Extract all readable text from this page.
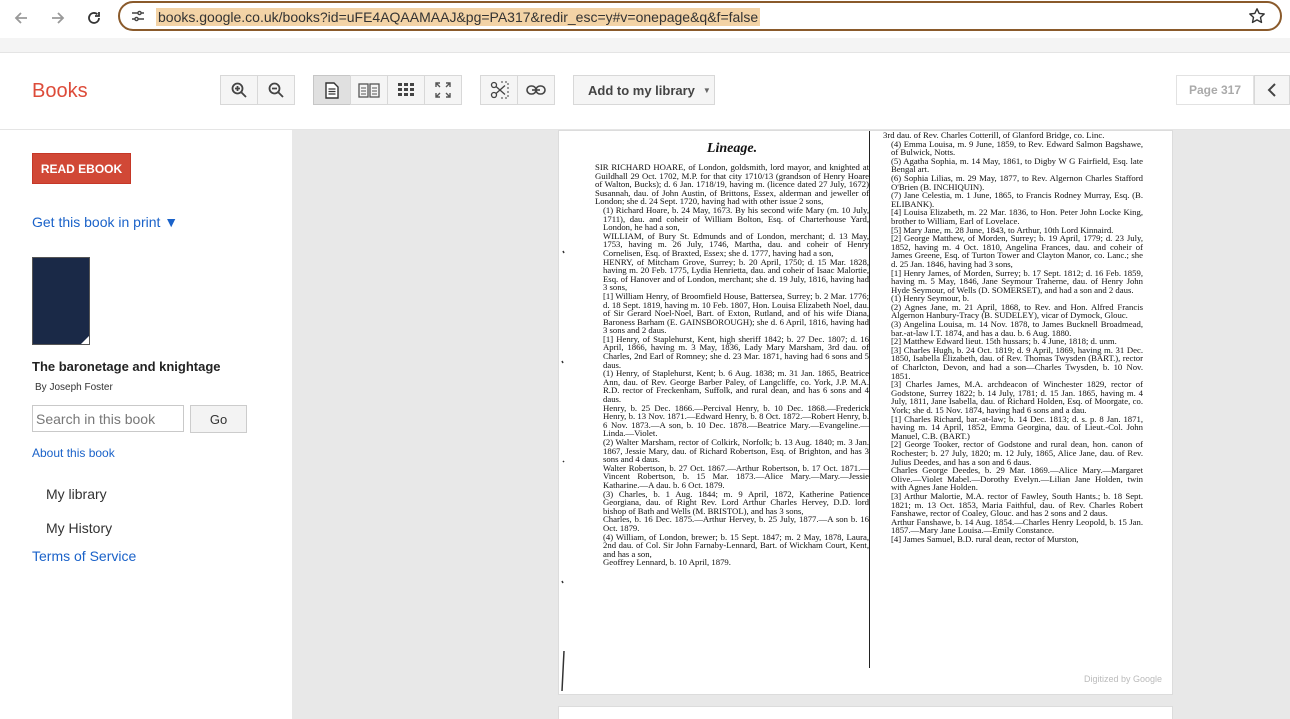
books.google.co.uk/books?id=uFE4AQAAMAAJ&pg=PA317&redir_esc=y#v=onepage&q&f=false
Books	Add to my library ▼	Page 317
READ EBOOK
Get this book in print ▼
The baronetage and knightage
By Joseph Foster
Search in this book
Go
About this book
My library
My History
Terms of Service
Lineage.

SIR RICHARD HOARE, of London, goldsmith, lord mayor, and knighted at Guildhall 29 Oct. 1702, M.P. for that city 1710/13 (grandson of Henry Hoare of Walton, Bucks); d. 6 Jan. 1718/19, having m. (licence dated 27 July, 1672) Susannah, dau. of John Austin, of Brittons, Essex, alderman and jeweller of London; she d. 24 Sept. 1720, having had with other issue 2 sons,

(1) Richard Hoare, b. 24 May, 1673. By his second wife Mary (m. 10 July, 1711), dau. and coheir of William Bolton, Esq. of Charterhouse Yard, London, he had a son,

WILLIAM, of Bury St. Edmunds and of London, merchant; d. 13 May, 1753, having m. 26 July, 1746, Martha, dau. and coheir of Henry Cornelisen, Esq. of Braxted, Essex; she d. 1777, having had a son,

HENRY, of Mitcham Grove, Surrey; b. 20 April, 1750; d. 15 Mar. 1828, having m. 20 Feb. 1775, Lydia Henrietta, dau. and coheir of Isaac Malortie, Esq. of Hanover and of London, merchant; she d. 19 July, 1816, having had 3 sons,

[1] William Henry, of Broomfield House, Battersea, Surrey; b. 2 Mar. 1776; d. 18 Sept. 1819, having m. 10 Feb. 1807, Hon. Louisa Elizabeth Noel, dau. of Sir Gerard Noel-Noel, Bart. of Exton, Rutland, and of his wife Diana, Baroness Barham (E. GAINSBOROUGH); she d. 6 April, 1816, having had 3 sons and 2 daus.

[1] Henry, of Staplehurst, Kent, high sheriff 1842; b. 27 Dec. 1807; d. 16 April, 1866, having m. 3 May, 1836, Lady Mary Marsham, 3rd dau. of Charles, 2nd Earl of Romney; she d. 23 Mar. 1871, having had 6 sons and 5 daus.

(1) Henry, of Staplehurst, Kent; b. 6 Aug. 1838; m. 31 Jan. 1865, Beatrice Ann, dau. of Rev. George Barber Paley, of Langcliffe, co. York, J.P. M.A. R.D. rector of Freckenham, Suffolk, and rural dean, and has 6 sons and 4 daus.

Henry, b. 25 Dec. 1866.—Percival Henry, b. 10 Dec. 1868.—Frederick Henry, b. 13 Nov. 1871.—Edward Henry, b. 8 Oct. 1872.—Robert Henry, b. 6 Nov. 1873.—A son, b. 10 Dec. 1878.—Beatrice Mary.—Evangeline.—Linda.—Violet.

(2) Walter Marsham, rector of Colkirk, Norfolk; b. 13 Aug. 1840; m. 3 Jan. 1867, Jessie Mary, dau. of Richard Robertson, Esq. of Brighton, and has 3 sons and 4 daus.

Walter Robertson, b. 27 Oct. 1867.—Arthur Robertson, b. 17 Oct. 1871.—Vincent Robertson, b. 15 Mar. 1873.—Alice Mary.—Mary.—Jessie Katharine.—A dau. b. 6 Oct. 1879.

(3) Charles, b. 1 Aug. 1844; m. 9 April, 1872, Katherine Patience Georgiana, dau. of Right Rev. Lord Arthur Charles Hervey, D.D. lord bishop of Bath and Wells (M. BRISTOL), and has 3 sons,

Charles, b. 16 Dec. 1875.—Arthur Hervey, b. 25 July, 1877.—A son b. 16 Oct. 1879.

(4) William, of London, brewer; b. 15 Sept. 1847; m. 2 May, 1878, Laura, 2nd dau. of Col. Sir John Farnaby-Lennard, Bart. of Wickham Court, Kent, and has a son,

Geoffrey Lennard, b. 10 April, 1879.

3rd dau. of Rev. Charles Cotterill, of Glanford Bridge, co. Linc.

(4) Emma Louisa, m. 9 June, 1859, to Rev. Edward Salmon Bagshawe, of Bulwick, Notts.

(5) Agatha Sophia, m. 14 May, 1861, to Digby W G Fairfield, Esq. late Bengal art.

(6) Sophia Lilias, m. 29 May, 1877, to Rev. Algernon Charles Stafford O'Brien (B. INCHIQUIN).

(7) Jane Celestia, m. 1 June, 1865, to Francis Rodney Murray, Esq. (B. ELIBANK).

[4] Louisa Elizabeth, m. 22 Mar. 1836, to Hon. Peter John Locke King, brother to William, Earl of Lovelace.

[5] Mary Jane, m. 28 June, 1843, to Arthur, 10th Lord Kinnaird.

[2] George Matthew, of Morden, Surrey; b. 19 April, 1779; d. 23 July, 1852, having m. 4 Oct. 1810, Angelina Frances, dau. and coheir of James Greene, Esq. of Turton Tower and Clayton Manor, co. Lanc.; she d. 25 Jan. 1846, having had 3 sons,

[1] Henry James, of Morden, Surrey; b. 17 Sept. 1812; d. 16 Feb. 1859, having m. 5 May, 1846, Jane Seymour Traherne, dau. of Henry John Hyde Seymour, of Wells (D. SOMERSET), and had a son and 2 daus.

(1) Henry Seymour, b.

(2) Agnes Jane, m. 21 April, 1868, to Rev. and Hon. Alfred Francis Algernon Hanbury-Tracy (B. SUDELEY), vicar of Dymock, Glouc.

(3) Angelina Louisa, m. 14 Nov. 1878, to James Bucknell Broadmead, bar.-at-law I.T. 1874, and has a dau. b. 6 Aug. 1880.

[2] Matthew Edward lieut. 15th hussars; b. 4 June, 1818; d. unm.

[3] Charles Hugh, b. 24 Oct. 1819; d. 9 April, 1869, having m. 31 Dec. 1850, Isabella Elizabeth, dau. of Rev. Thomas Twysden (BART.), rector of Charlcton, Devon, and had a son—Charles Twysden, b. 10 Nov. 1851.

[3] Charles James, M.A. archdeacon of Winchester 1829, rector of Godstone, Surrey 1822; b. 14 July, 1781; d. 15 Jan. 1865, having m. 4 July, 1811, Jane Isabella, dau. of Richard Holden, Esq. of Moorgate, co. York; she d. 15 Nov. 1874, having had 6 sons and a dau.

[1] Charles Richard, bar.-at-law; b. 14 Dec. 1813; d. s. p. 8 Jan. 1871, having m. 14 April, 1852, Emma Georgina, dau. of Lieut.-Col. John Manuel, C.B. (BART.)

[2] George Tooker, rector of Godstone and rural dean, hon. canon of Rochester; b. 27 July, 1820; m. 12 July, 1865, Alice Jane, dau. of Rev. Julius Deedes, and has a son and 6 daus.

Charles George Deedes, b. 29 Mar. 1869.—Alice Mary.—Margaret Olive.—Violet Mabel.—Dorothy Evelyn.—Lilian Jane Holden, twin with Agnes Jane Holden.

[3] Arthur Malortie, M.A. rector of Fawley, South Hants.; b. 18 Sept. 1821; m. 13 Oct. 1853, Maria Faithful, dau. of Rev. Charles Robert Fanshawe, rector of Coaley, Glouc. and has 2 sons and 2 daus.

Arthur Fanshawe, b. 14 Aug. 1854.—Charles Henry Leopold, b. 15 Jan. 1857.—Mary Jane Louisa.—Emily Constance.

[4] James Samuel, B.D. rural dean, rector of Murston,

Digitized by Google
